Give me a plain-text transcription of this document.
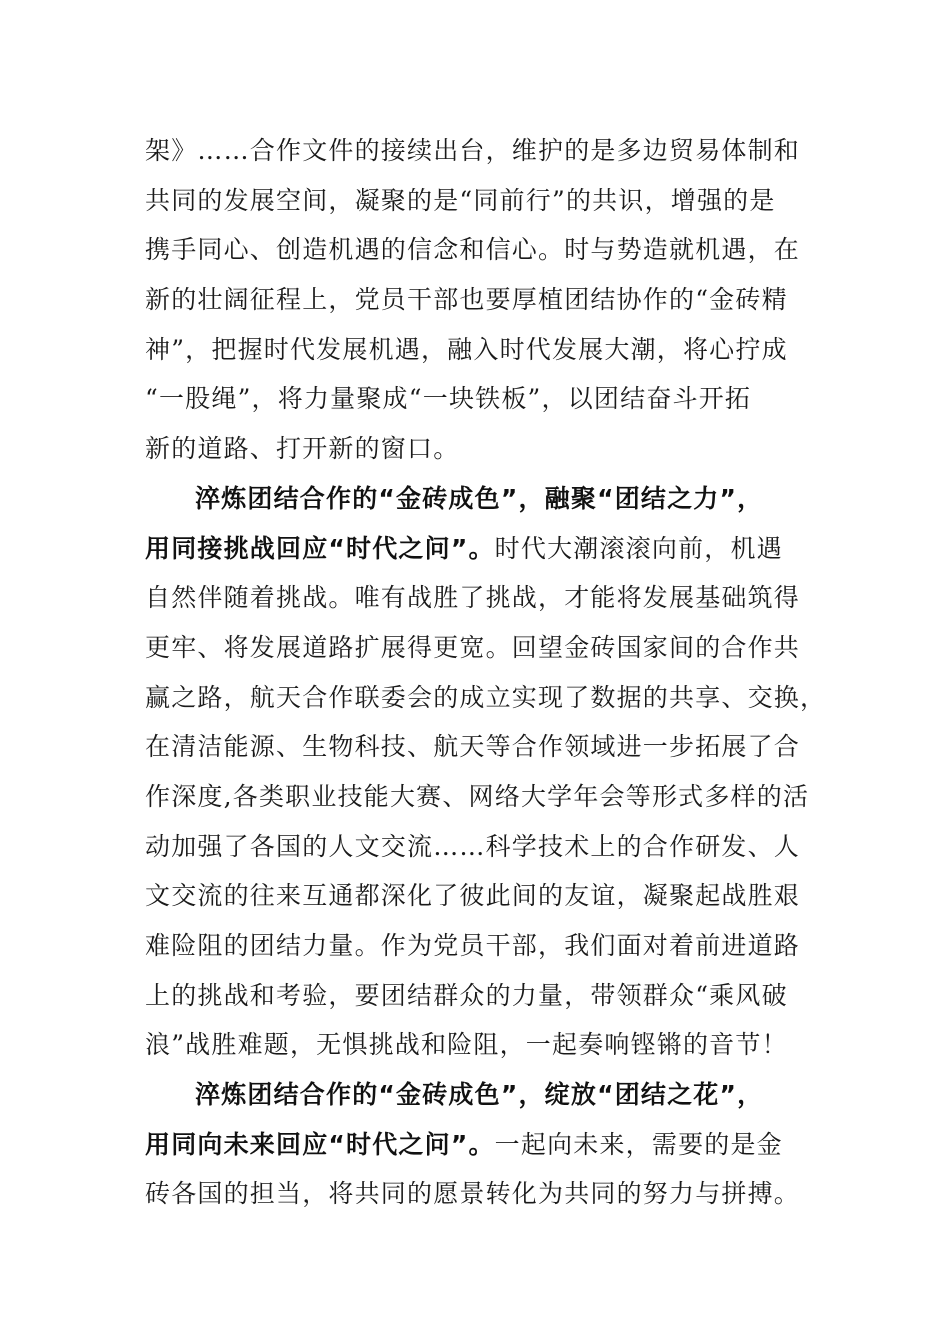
架》……合作文件的接续出台，维护的是多边贸易体制和
共同的发展空间，凝聚的是“同前行”的共识，增强的是
携手同心、创造机遇的信念和信心。时与势造就机遇，在
新的壮阔征程上，党员干部也要厚植团结协作的“金砖精
神”，把握时代发展机遇，融入时代发展大潮，将心拧成
“一股绳”，将力量聚成“一块铁板”，以团结奋斗开拓
新的道路、打开新的窗口。
淬炼团结合作的“金砖成色”，融聚“团结之力”，
用同接挑战回应“时代之问”。时代大潮滚滚向前，机遇
自然伴随着挑战。唯有战胜了挑战，才能将发展基础筑得
更牢、将发展道路扩展得更宽。回望金砖国家间的合作共
赢之路，航天合作联委会的成立实现了数据的共享、交换，
在清洁能源、生物科技、航天等合作领域进一步拓展了合
作深度,各类职业技能大赛、网络大学年会等形式多样的活
动加强了各国的人文交流……科学技术上的合作研发、人
文交流的往来互通都深化了彼此间的友谊，凝聚起战胜艰
难险阻的团结力量。作为党员干部，我们面对着前进道路
上的挑战和考验，要团结群众的力量，带领群众“乘风破
浪”战胜难题，无惧挑战和险阻，一起奏响铿锵的音节！
淬炼团结合作的“金砖成色”，绽放“团结之花”，
用同向未来回应“时代之问”。一起向未来，需要的是金
砖各国的担当，将共同的愿景转化为共同的努力与拼搏。
